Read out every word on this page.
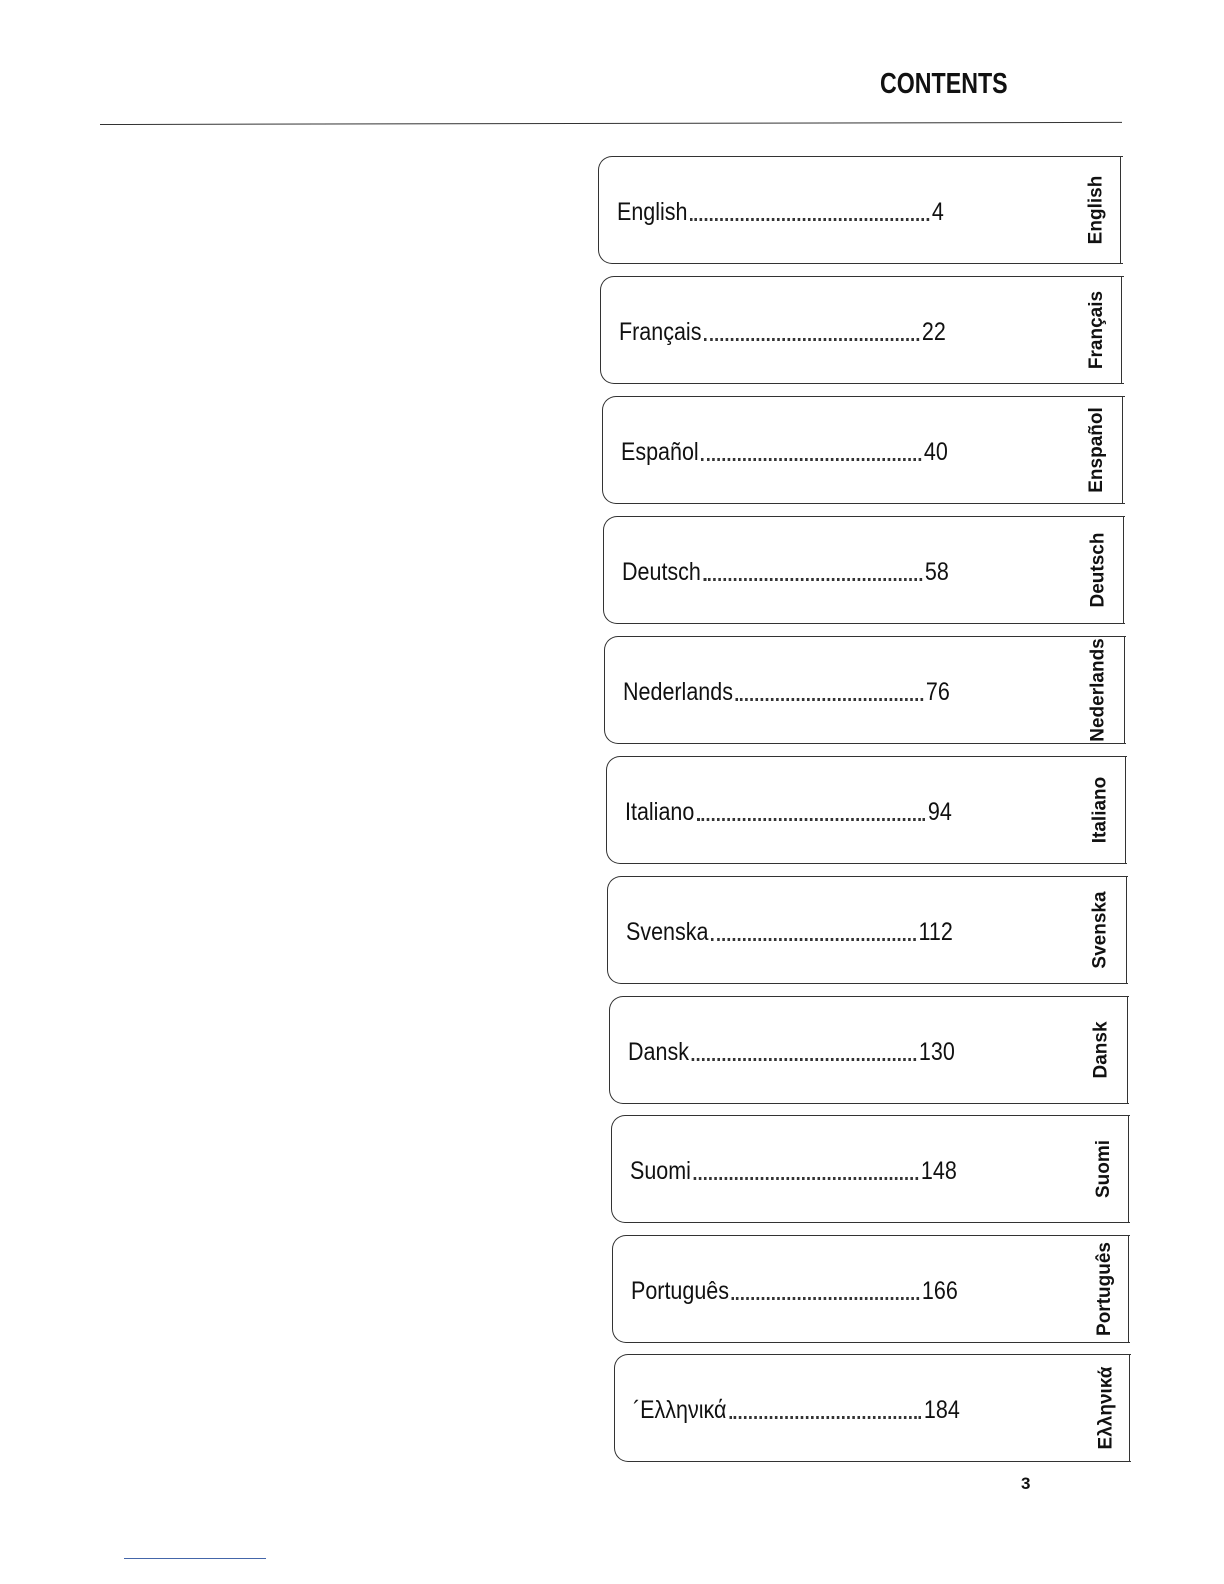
CONTENTS
English	4	English
Français	22	Français
Español	40	Enspañol
Deutsch	58	Deutsch
Nederlands	76	Nederlands
Italiano	94	Italiano
Svenska	112	Svenska
Dansk	130	Dansk
Suomi	148	Suomi
Português	166	Português
´Ελληνικά	184	Ελληνικά
3
